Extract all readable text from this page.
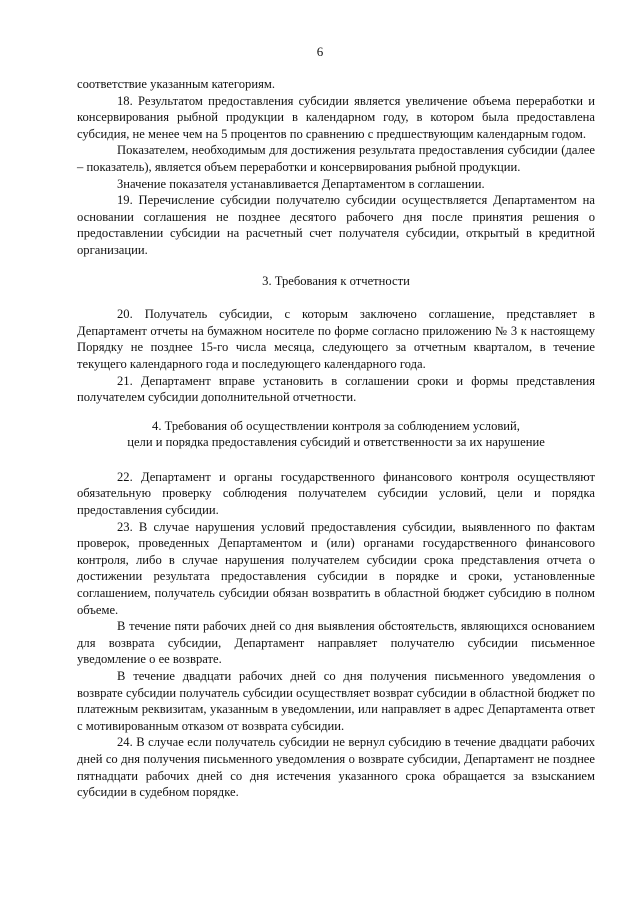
6

соответствие указанным категориям.

18. Результатом предоставления субсидии является увеличение объема переработки и консервирования рыбной продукции в календарном году, в котором была предоставлена субсидия, не менее чем на 5 процентов по сравнению с предшествующим календарным годом.

Показателем, необходимым для достижения результата предоставления субсидии (далее – показатель), является объем переработки и консервирования рыбной продукции.

Значение показателя устанавливается Департаментом в соглашении.

19. Перечисление субсидии получателю субсидии осуществляется Департаментом на основании соглашения не позднее десятого рабочего дня после принятия решения о предоставлении субсидии на расчетный счет получателя субсидии, открытый в кредитной организации.

3. Требования к отчетности

20. Получатель субсидии, с которым заключено соглашение, представляет в Департамент отчеты на бумажном носителе по форме согласно приложению № 3 к настоящему Порядку не позднее 15-го числа месяца, следующего за отчетным кварталом, в течение текущего календарного года и последующего календарного года.

21. Департамент вправе установить в соглашении сроки и формы представления получателем субсидии дополнительной отчетности.

4. Требования об осуществлении контроля за соблюдением условий,

цели и порядка предоставления субсидий и ответственности за их нарушение

22. Департамент и органы государственного финансового контроля осуществляют обязательную проверку соблюдения получателем субсидии условий, цели и порядка предоставления субсидии.

23. В случае нарушения условий предоставления субсидии, выявленного по фактам проверок, проведенных Департаментом и (или) органами государственного финансового контроля, либо в случае нарушения получателем субсидии срока представления отчета о достижении результата предоставления субсидии в порядке и сроки, установленные соглашением, получатель субсидии обязан возвратить в областной бюджет субсидию в полном объеме.

В течение пяти рабочих дней со дня выявления обстоятельств, являющихся основанием для возврата субсидии, Департамент направляет получателю субсидии письменное уведомление о ее возврате.

В течение двадцати рабочих дней со дня получения письменного уведомления о возврате субсидии получатель субсидии осуществляет возврат субсидии в областной бюджет по платежным реквизитам, указанным в уведомлении, или направляет в адрес Департамента ответ с мотивированным отказом от возврата субсидии.

24. В случае если получатель субсидии не вернул субсидию в течение двадцати рабочих дней со дня получения письменного уведомления о возврате субсидии, Департамент не позднее пятнадцати рабочих дней со дня истечения указанного срока обращается за взысканием субсидии в судебном порядке.
